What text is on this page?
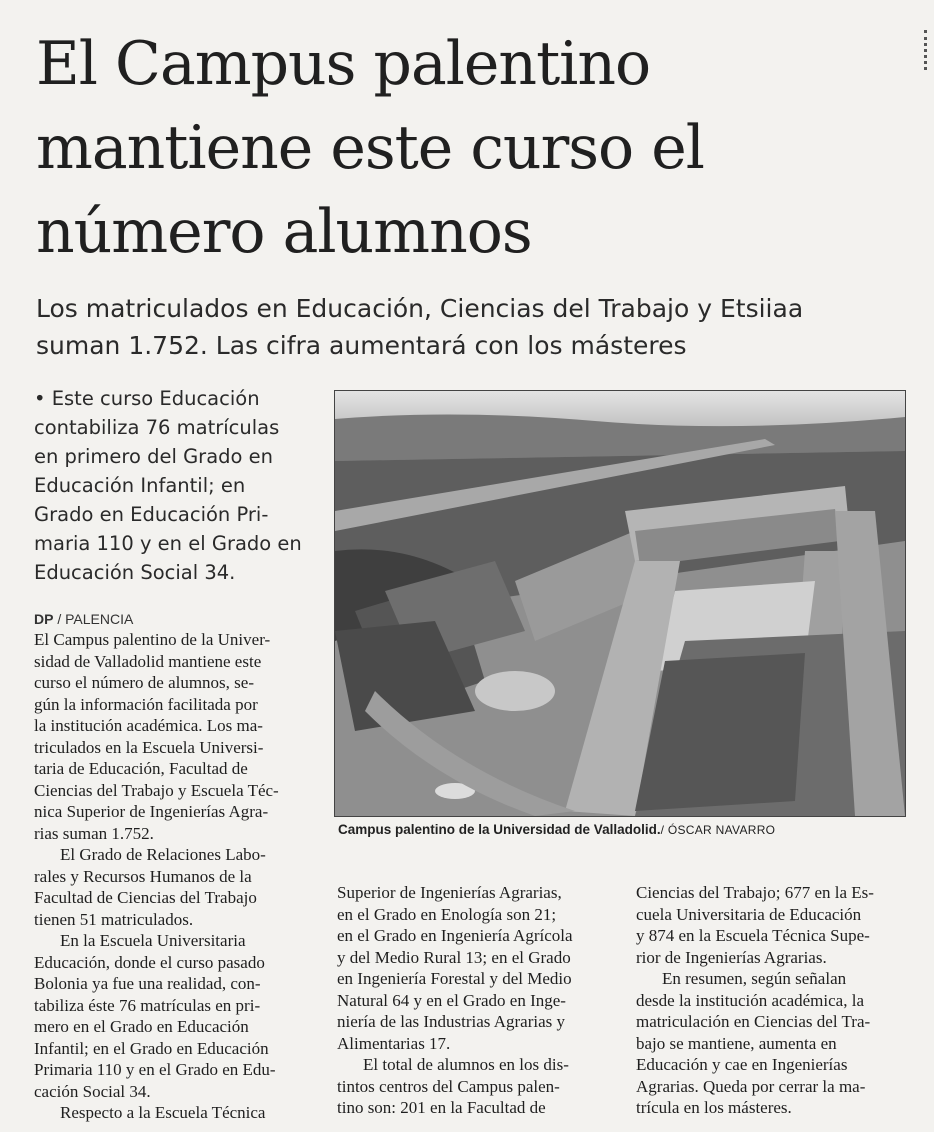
El Campus palentino
mantiene este curso el
número alumnos
Los matriculados en Educación, Ciencias del Trabajo y Etsiiaa
suman 1.752. Las cifra aumentará con los másteres
• Este curso Educación
contabiliza 76 matrículas
en primero del Grado en
Educación Infantil; en
Grado en Educación Pri-
maria 110 y en el Grado en
Educación Social 34.
DP / PALENCIA
El Campus palentino de la Univer-
sidad de Valladolid mantiene este
curso el número de alumnos, se-
gún la información facilitada por
la institución académica. Los ma-
triculados en la Escuela Universi-
taria de Educación, Facultad de
Ciencias del Trabajo y Escuela Téc-
nica Superior de Ingenierías Agra-
rias suman 1.752.
El Grado de Relaciones Labo-
rales y Recursos Humanos de la
Facultad de Ciencias del Trabajo
tienen 51 matriculados.
En la Escuela Universitaria
Educación, donde el curso pasado
Bolonia ya fue una realidad, con-
tabiliza éste 76 matrículas en pri-
mero en el Grado en Educación
Infantil; en el Grado en Educación
Primaria 110 y en el Grado en Edu-
cación Social 34.
Respecto a la Escuela Técnica
Superior de Ingenierías Agrarias,
en el Grado en Enología son 21;
en el Grado en Ingeniería Agrícola
y del Medio Rural 13; en el Grado
en Ingeniería Forestal y del Medio
Natural 64 y en el Grado en Inge-
niería de las Industrias Agrarias y
Alimentarias 17.
El total de alumnos en los dis-
tintos centros del Campus palen-
tino son: 201 en la Facultad de
Ciencias del Trabajo; 677 en la Es-
cuela Universitaria de Educación
y 874 en la Escuela Técnica Supe-
rior de Ingenierías Agrarias.
En resumen, según señalan
desde la institución académica, la
matriculación en Ciencias del Tra-
bajo se mantiene, aumenta en
Educación y cae en Ingenierías
Agrarias. Queda por cerrar la ma-
trícula en los másteres.
Campus palentino de la Universidad de Valladolid./ ÓSCAR NAVARRO
